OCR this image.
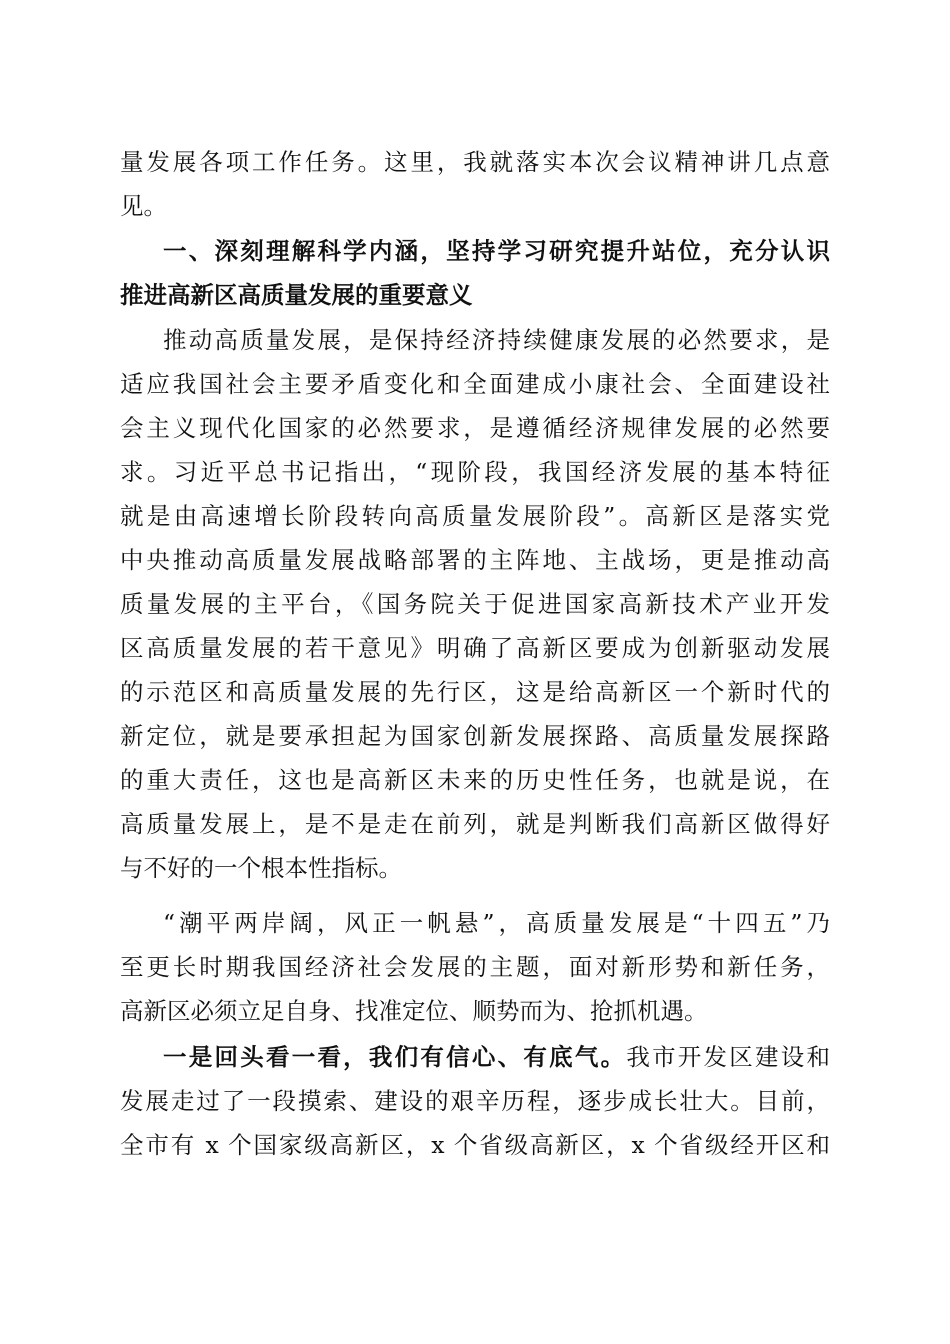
量发展各项工作任务。这里，我就落实本次会议精神讲几点意
见。
一、深刻理解科学内涵，坚持学习研究提升站位，充分认识
推进高新区高质量发展的重要意义
推动高质量发展，是保持经济持续健康发展的必然要求，是
适应我国社会主要矛盾变化和全面建成小康社会、全面建设社
会主义现代化国家的必然要求，是遵循经济规律发展的必然要
求。习近平总书记指出，“现阶段，我国经济发展的基本特征
就是由高速增长阶段转向高质量发展阶段”。高新区是落实党
中央推动高质量发展战略部署的主阵地、主战场，更是推动高
质量发展的主平台，《国务院关于促进国家高新技术产业开发
区高质量发展的若干意见》明确了高新区要成为创新驱动发展
的示范区和高质量发展的先行区，这是给高新区一个新时代的
新定位，就是要承担起为国家创新发展探路、高质量发展探路
的重大责任，这也是高新区未来的历史性任务，也就是说，在
高质量发展上，是不是走在前列，就是判断我们高新区做得好
与不好的一个根本性指标。
“潮平两岸阔，风正一帆悬”，高质量发展是“十四五”乃
至更长时期我国经济社会发展的主题，面对新形势和新任务，
高新区必须立足自身、找准定位、顺势而为、抢抓机遇。
一是回头看一看，我们有信心、有底气。我市开发区建设和
发展走过了一段摸索、建设的艰辛历程，逐步成长壮大。目前，
全市有 x 个国家级高新区，x 个省级高新区，x 个省级经开区和
